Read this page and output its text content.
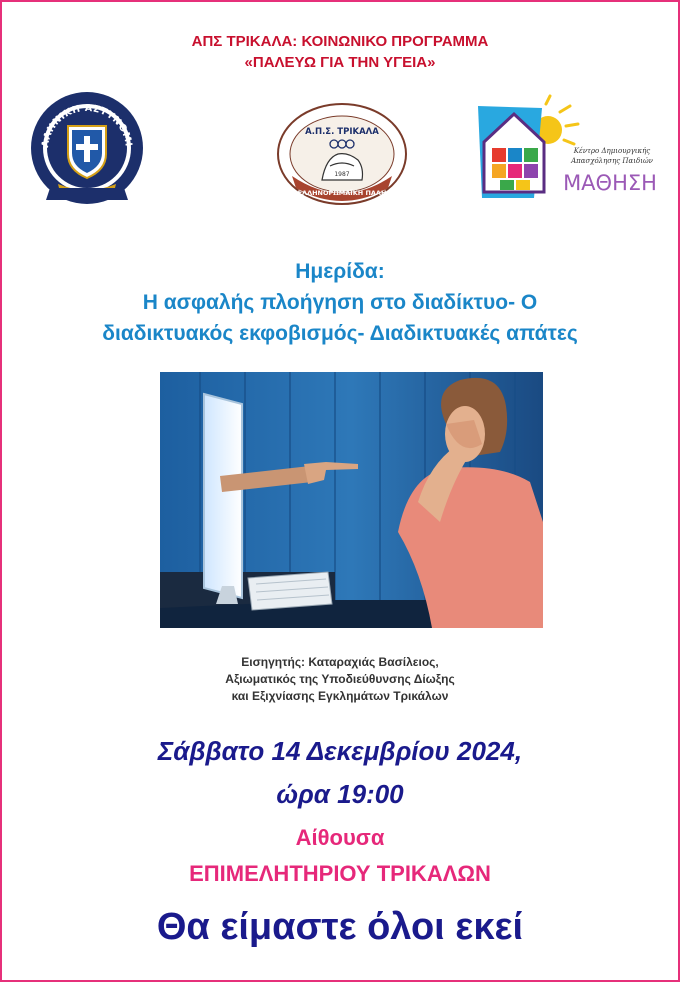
ΑΠΣ ΤΡΙΚΑΛΑ: ΚΟΙΝΩΝΙΚΟ ΠΡΟΓΡΑΜΜΑ
«ΠΑΛΕΥΩ ΓΙΑ ΤΗΝ ΥΓΕΙΑ»
ΛΛΗΝΙΚΗ ΑΣΤΥΝΟΜΙ
Α.Π.Σ. ΤΡΙΚΑΛΑ
1987
ΕΛΛΗΝΟΡΩΜΑΪΚΗ ΠΑΛΗ
Κέντρο Δημιουργικής
Απασχόλησης Παιδιών
ΜΑΘΗΣΗ
Ημερίδα:
Η ασφαλής πλοήγηση στο διαδίκτυο- Ο
διαδικτυακός εκφοβισμός- Διαδικτυακές απάτες
Εισηγητής: Καταραχιάς Βασίλειος,
Αξιωματικός της Υποδιεύθυνσης Δίωξης
και Εξιχνίασης Εγκλημάτων Τρικάλων
Σάββατο 14 Δεκεμβρίου 2024,
ώρα 19:00
Αίθουσα
ΕΠΙΜΕΛΗΤΗΡΙΟΥ ΤΡΙΚΑΛΩΝ
Θα είμαστε όλοι εκεί
